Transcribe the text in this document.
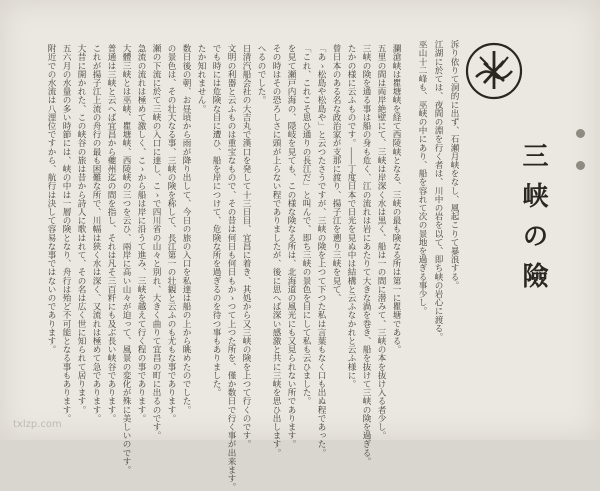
三峡の險
泝り依りて洞的に出ず、石瀬月峡をなし、風起こりて暴浪する。
江湖に於ては、夜間の淵を行く者は、川中の岩を以て、即ち峡の岩心に渡る。
巫山十二峰も、巫峡の中にあり、船を容れて次の景地を過ぎる事少し。
瀾滄峡は瞿塘峡を経て西陵峡となる、三峡の最も険なる所は第一に瞿塘である。
五里の間は両岸絶壁にて、三峡は岸深く水は黒く、船は一の間に潜みて、三峡の本を抜け入る者少し。
三峡の険を通る事は船の身も危く、江の流れは岩にあたりて大きな渦を巻き、船を抜けて三峡の険を過ぎる。
たかの様に云ふものです。――丁度日本で日光を見ぬ中は結構と云ふなかれと云ふ様に。
曾日本のある名な政治家が支那に渡り、揚子江を遡り三峡を見て、
「あゝ松島や松島や」と云つたさうですが、三峡の険を上つて下つた私は言葉もなく口も出ぬ程であった。
「これ、これこそ思ひ通りの長江だ」と叫んで、即ち三峡の景色を目にして私も云ひました。
を見て瀬戸内海の、隠岐を見ても、この様な険なる所は、北海道の風光にも又見られない所であります。
その時はその恐ろしさに頭が上らない程でありましたが、後に思へば深い感激と共に三峡を思ひ出します。
へるのでした。
日清汽船会社の大吉丸で漢口を発して十三日目、宜昌に着き、其処から又三峡の険を上つて行くのです。
文明の利器と云ふものは重宝なもので、その昔は何日も何日もかゝつて上つた所を、僅か数日で行く事が出来ます。
でも時には危険な目に遭ひ、船を岸につけて、危険な所を過ぎるのを待つ事もありました。
たか知れません。
数日後の朝、お昼頃から雨が降り出して、今日の旅の入口を私達は船の上から眺めたのでした。
の景色は、その壮大なる事、三峡の険を称して、長江第一の壮観と云ふのも尤もな事であります。
瀬の下流に於て三峡の入口に達し、こゝで四川省の山々と別れ、大きく曲りて宜昌の町に出るのです。
急流の流れは極めて激しく、こゝから船は岸に沿うて進み、三峡を越えて行く程の事であります。
大體三峡とは巫峡、瞿塘峡、西陵峡の三つを云ひ、兩岸に高い山々が迫って、風景の変化が殊に美しいのです。
普通は三峡と云へば宜昌から夔州迄の間を指し、それは凡そ三百粁にも及ぶ長い峡谷であります。
これが揚子江上流の舟行の最も困難な所で、川幅は狭く水は深く、又流れは極めて急であります。
大昔に開かれた、この峡谷の旅は昔から詩人に歌はれて、その名は広く世に知られて居ります。
五六月の水量の多い時節には、峡の中は一層の険となり、舟行は殆ど不可能となる事もあります。
附近での水流は八浬位ですから、航行は決して容易な事ではないのであります。
txlzp.com
